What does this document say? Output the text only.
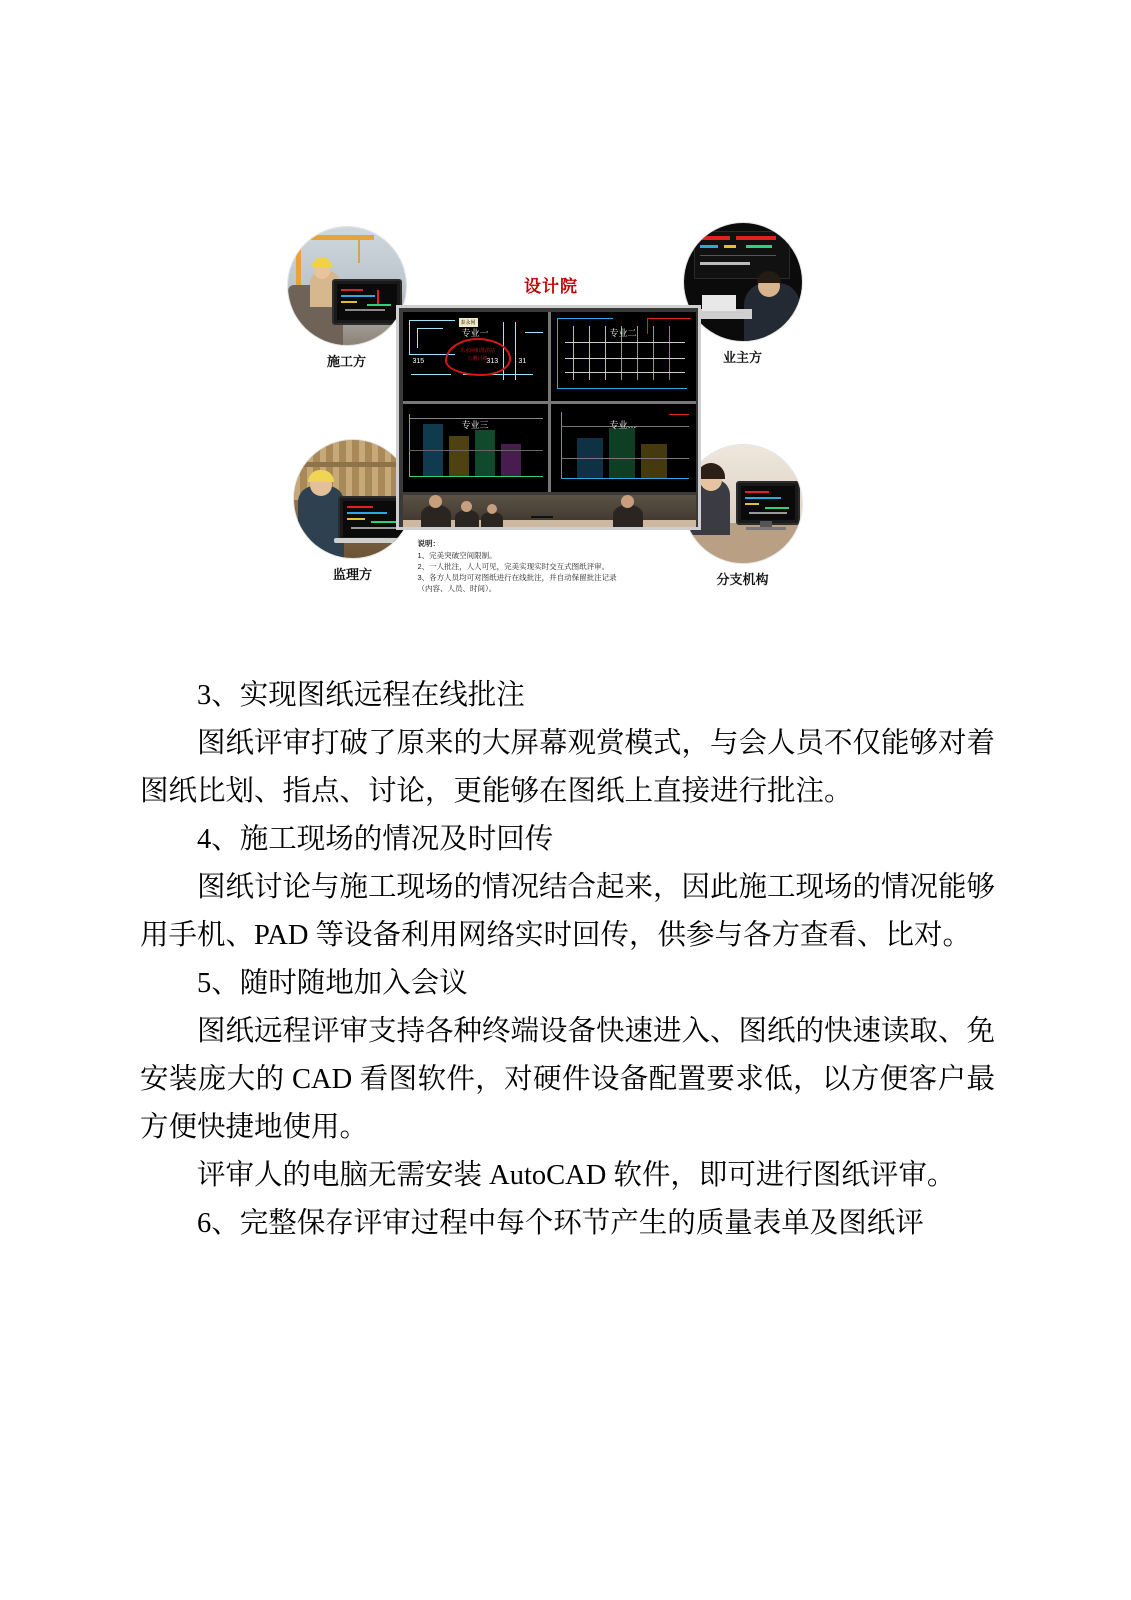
施工方	业主方
监理方	分支机构
设计院
乐水闸和排涝站
公雕目梯
315	313	31
泰永闸
专业一	专业二
专业三	专业…
说明：
1、完美突破空间限制。
2、一人批注，人人可见，完美实现实时交互式图纸评审。
3、各方人员均可对图纸进行在线批注，并自动保留批注记录
（内容、人员、时间）。

3、实现图纸远程在线批注

图纸评审打破了原来的大屏幕观赏模式，与会人员不仅能够对着图纸比划、指点、讨论，更能够在图纸上直接进行批注。

4、施工现场的情况及时回传

图纸讨论与施工现场的情况结合起来，因此施工现场的情况能够用手机、PAD 等设备利用网络实时回传，供参与各方查看、比对。

5、随时随地加入会议

图纸远程评审支持各种终端设备快速进入、图纸的快速读取、免安装庞大的 CAD 看图软件，对硬件设备配置要求低，以方便客户最方便快捷地使用。

评审人的电脑无需安装 AutoCAD 软件，即可进行图纸评审。

6、完整保存评审过程中每个环节产生的质量表单及图纸评
